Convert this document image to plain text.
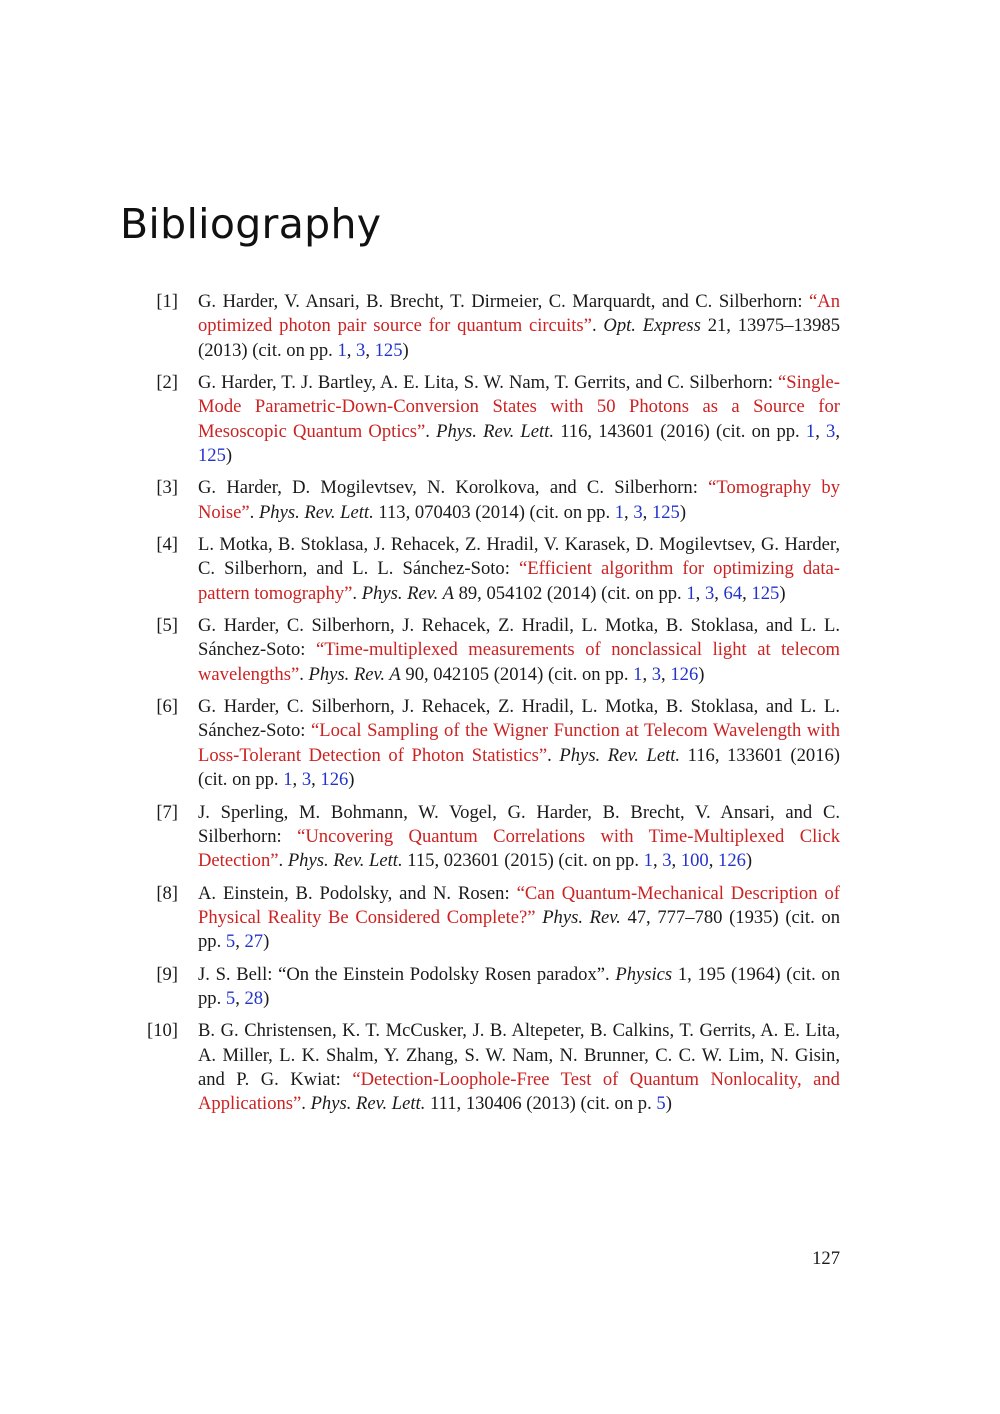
Bibliography
[1] G. Harder, V. Ansari, B. Brecht, T. Dirmeier, C. Marquardt, and C. Silberhorn: “An optimized photon pair source for quantum circuits”. Opt. Express 21, 13975–13985 (2013) (cit. on pp. 1, 3, 125)
[2] G. Harder, T. J. Bartley, A. E. Lita, S. W. Nam, T. Gerrits, and C. Silberhorn: “Single-Mode Parametric-Down-Conversion States with 50 Photons as a Source for Mesoscopic Quantum Optics”. Phys. Rev. Lett. 116, 143601 (2016) (cit. on pp. 1, 3, 125)
[3] G. Harder, D. Mogilevtsev, N. Korolkova, and C. Silberhorn: “Tomography by Noise”. Phys. Rev. Lett. 113, 070403 (2014) (cit. on pp. 1, 3, 125)
[4] L. Motka, B. Stoklasa, J. Rehacek, Z. Hradil, V. Karasek, D. Mogilevtsev, G. Harder, C. Silberhorn, and L. L. Sánchez-Soto: “Efficient algorithm for optimizing data-pattern tomography”. Phys. Rev. A 89, 054102 (2014) (cit. on pp. 1, 3, 64, 125)
[5] G. Harder, C. Silberhorn, J. Rehacek, Z. Hradil, L. Motka, B. Stoklasa, and L. L. Sánchez-Soto: “Time-multiplexed measurements of nonclassical light at telecom wavelengths”. Phys. Rev. A 90, 042105 (2014) (cit. on pp. 1, 3, 126)
[6] G. Harder, C. Silberhorn, J. Rehacek, Z. Hradil, L. Motka, B. Stoklasa, and L. L. Sánchez-Soto: “Local Sampling of the Wigner Function at Telecom Wavelength with Loss-Tolerant Detection of Photon Statistics”. Phys. Rev. Lett. 116, 133601 (2016) (cit. on pp. 1, 3, 126)
[7] J. Sperling, M. Bohmann, W. Vogel, G. Harder, B. Brecht, V. Ansari, and C. Silberhorn: “Uncovering Quantum Correlations with Time-Multiplexed Click Detection”. Phys. Rev. Lett. 115, 023601 (2015) (cit. on pp. 1, 3, 100, 126)
[8] A. Einstein, B. Podolsky, and N. Rosen: “Can Quantum-Mechanical Description of Physical Reality Be Considered Complete?” Phys. Rev. 47, 777–780 (1935) (cit. on pp. 5, 27)
[9] J. S. Bell: “On the Einstein Podolsky Rosen paradox”. Physics 1, 195 (1964) (cit. on pp. 5, 28)
[10] B. G. Christensen, K. T. McCusker, J. B. Altepeter, B. Calkins, T. Gerrits, A. E. Lita, A. Miller, L. K. Shalm, Y. Zhang, S. W. Nam, N. Brunner, C. C. W. Lim, N. Gisin, and P. G. Kwiat: “Detection-Loophole-Free Test of Quantum Nonlocality, and Applications”. Phys. Rev. Lett. 111, 130406 (2013) (cit. on p. 5)
127
